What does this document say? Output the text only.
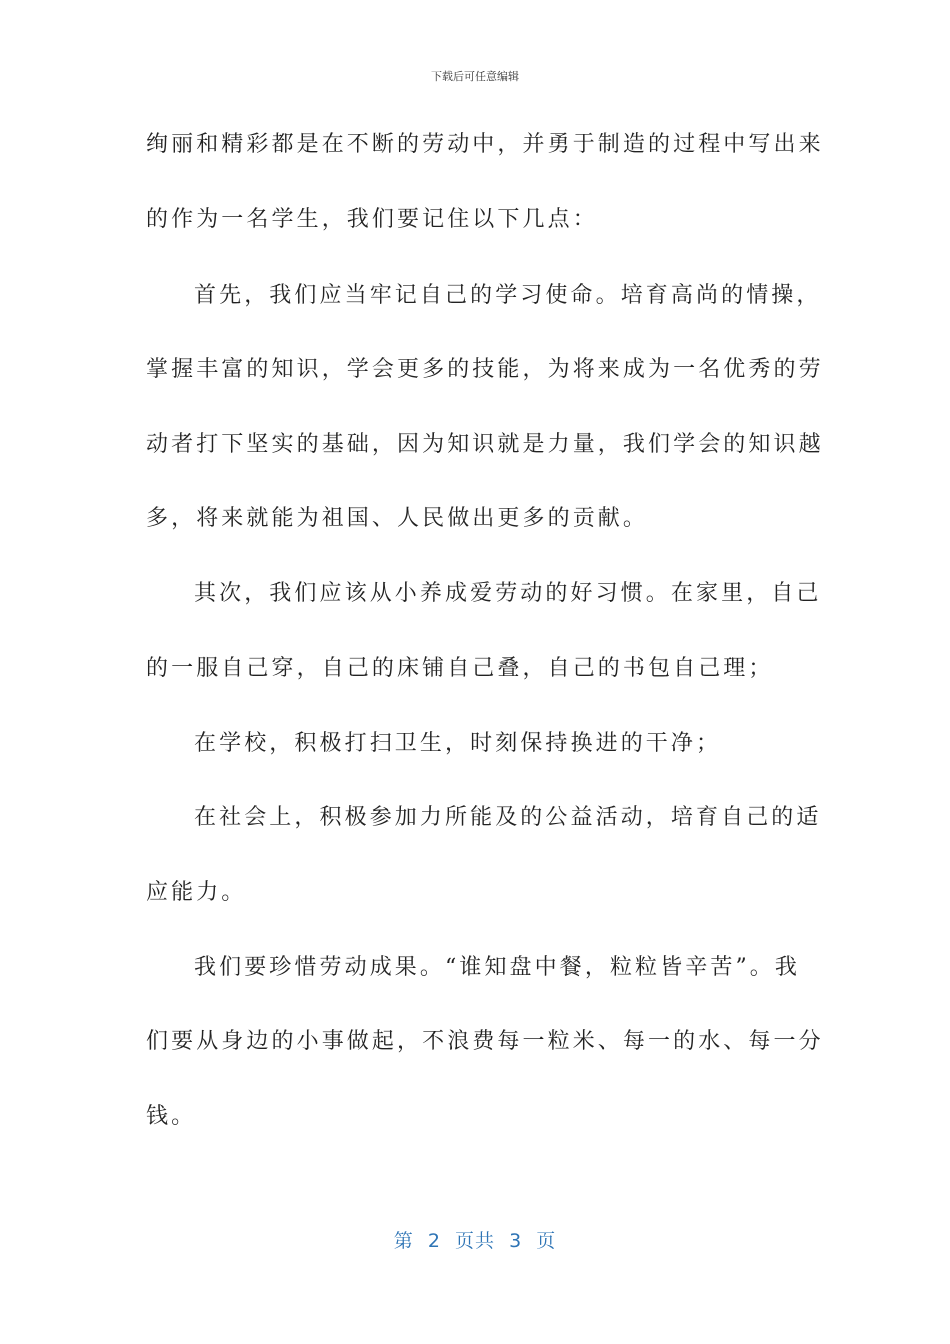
下载后可任意编辑
绚丽和精彩都是在不断的劳动中，并勇于制造的过程中写出来
的作为一名学生，我们要记住以下几点：
首先，我们应当牢记自己的学习使命。培育高尚的情操，
掌握丰富的知识，学会更多的技能，为将来成为一名优秀的劳
动者打下坚实的基础，因为知识就是力量，我们学会的知识越
多，将来就能为祖国、人民做出更多的贡献。
其次，我们应该从小养成爱劳动的好习惯。在家里，自己
的一服自己穿，自己的床铺自己叠，自己的书包自己理；
在学校，积极打扫卫生，时刻保持换进的干净；
在社会上，积极参加力所能及的公益活动，培育自己的适
应能力。
我们要珍惜劳动成果。“谁知盘中餐，粒粒皆辛苦”。我
们要从身边的小事做起，不浪费每一粒米、每一的水、每一分
钱。
第  2  页共  3  页
